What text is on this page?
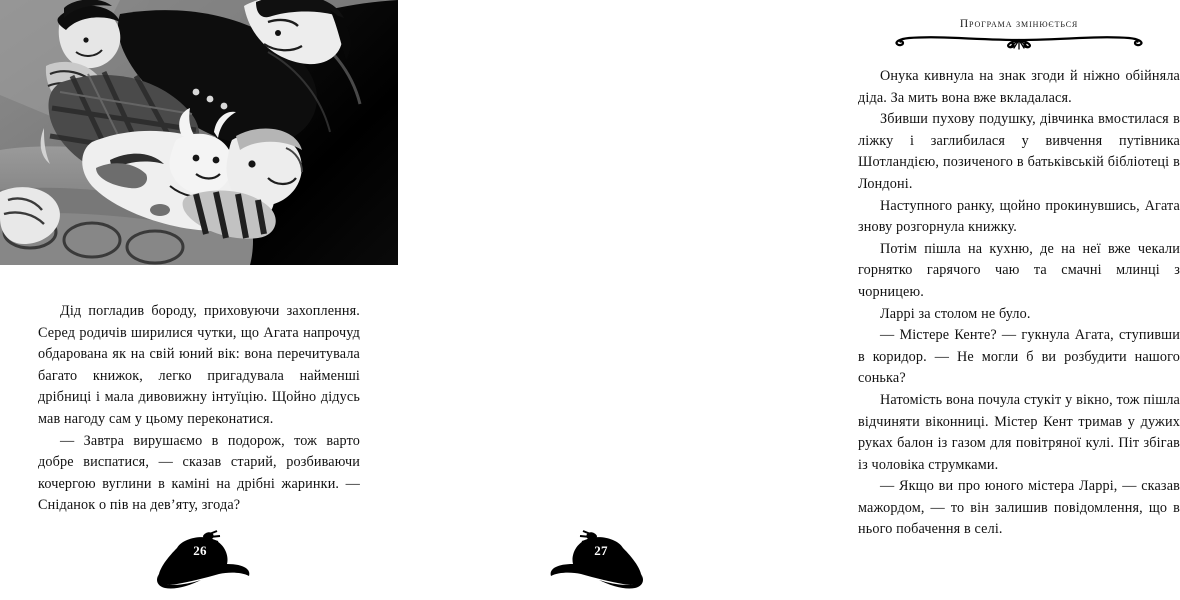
Дід погладив бороду, приховуючи захоплення. Серед родичів ширилися чутки, що Агата напрочуд обдарована як на свій юний вік: вона перечитувала багато книжок, легко пригадувала найменші дрібниці і мала дивовижну інтуїцію. Щойно дідусь мав нагоду сам у цьому переконатися.

— Завтра вирушаємо в подорож, тож варто добре виспатися, — сказав старий, розбиваючи кочергою вуглини в каміні на дрібні жаринки. — Сніданок о пів на дев’яту, згода?

26
Програма змінюється

Онука кивнула на знак згоди й ніжно обійняла діда. За мить вона вже вкладалася.

Збивши пухову подушку, дівчинка вмостилася в ліжку і заглибилася у вивчення путівника Шотландією, позиченого в батьківській бібліотеці в Лондоні.

Наступного ранку, щойно прокинувшись, Агата знову розгорнула книжку.

Потім пішла на кухню, де на неї вже чекали горнятко гарячого чаю та смачні млинці з чорницею.

Ларрі за столом не було.

— Містере Кенте? — гукнула Агата, ступивши в коридор. — Не могли б ви розбудити нашого сонька?

Натомість вона почула стукіт у вікно, тож пішла відчиняти віконниці. Містер Кент тримав у дужих руках балон із газом для повітряної кулі. Піт збігав із чоловіка струмками.

— Якщо ви про юного містера Ларрі, — сказав мажордом, — то він залишив повідомлення, що в нього побачення в селі.

27
